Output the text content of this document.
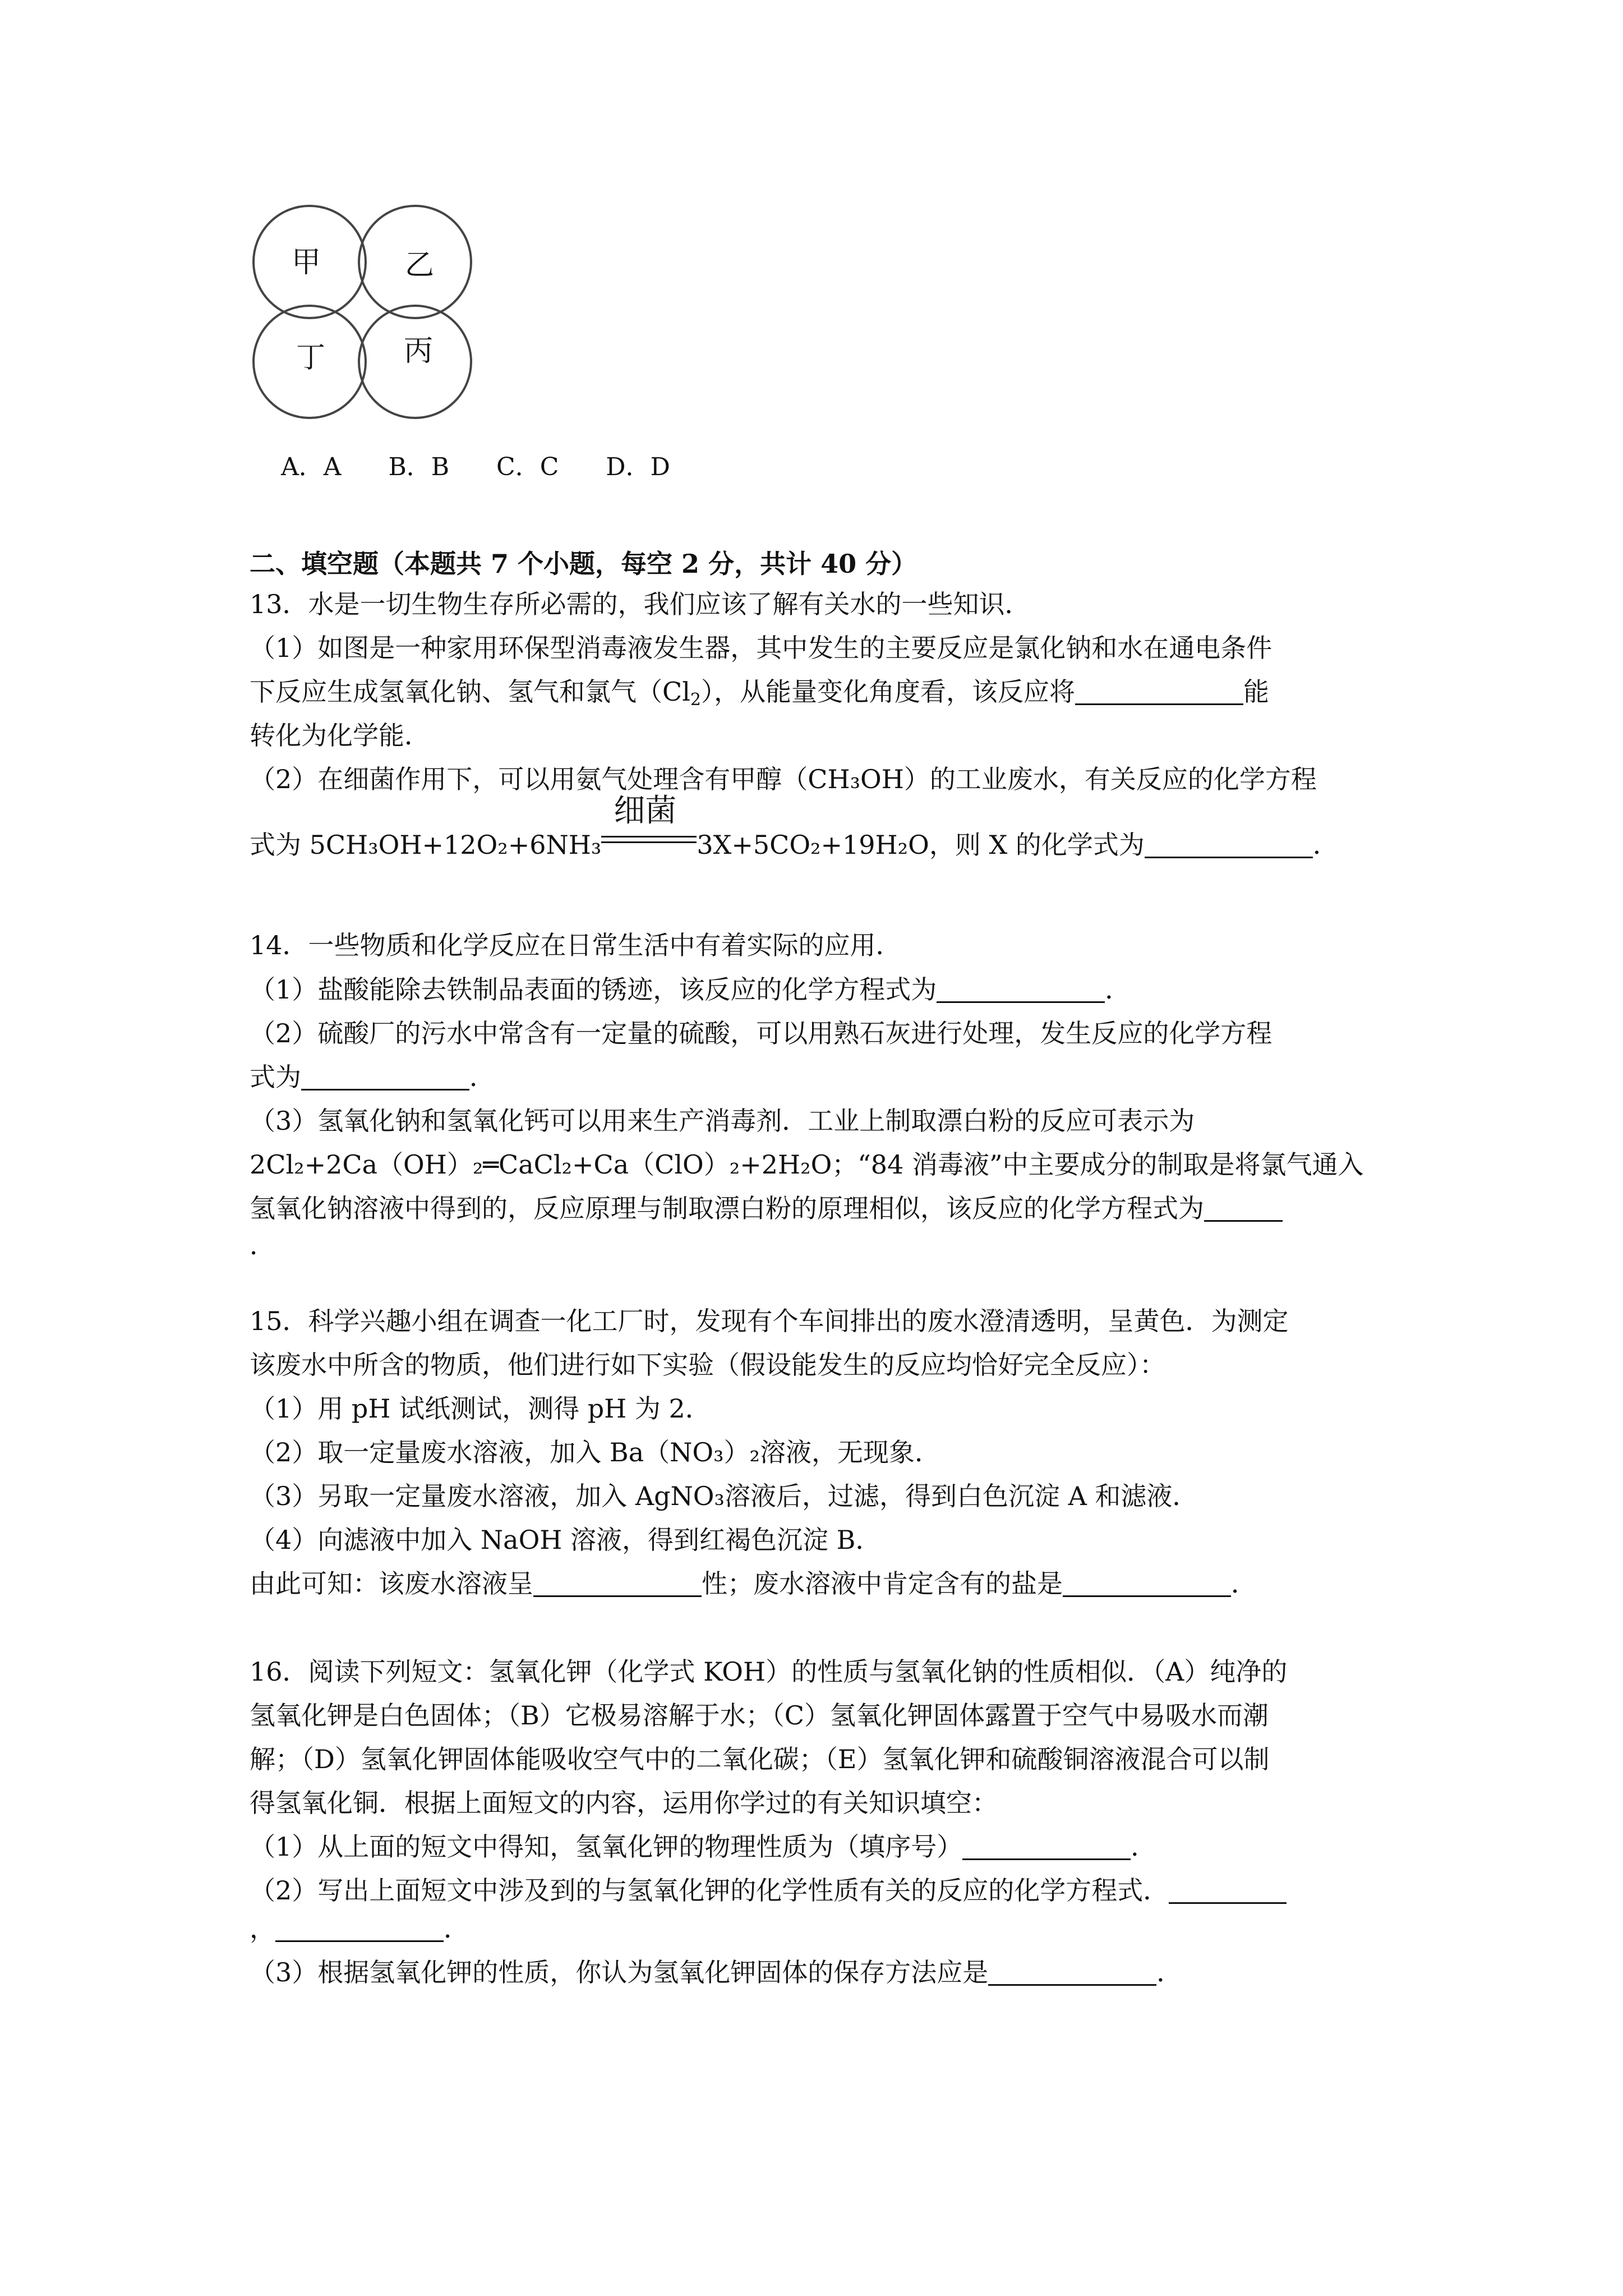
甲	乙
丁	丙

A．A B．B C．C D．D

二、填空题（本题共 7 个小题，每空 2 分，共计 40 分）
13．水是一切生物生存所必需的，我们应该了解有关水的一些知识．
（1）如图是一种家用环保型消毒液发生器，其中发生的主要反应是氯化钠和水在通电条件
下反应生成氢氧化钠、氢气和氯气$(Cl_2)$，从能量变化角度看，该反应将	能
转化为化学能．
（2）在细菌作用下，可以用氨气处理含有甲醇（CH₃OH）的工业废水，有关反应的化学方程
式为 5CH₃OH+12O₂+6NH₃
细菌
3X+5CO₂+19H₂O，则 X 的化学式为	．
14．一些物质和化学反应在日常生活中有着实际的应用．
（1）盐酸能除去铁制品表面的锈迹，该反应的化学方程式为	．
（2）硫酸厂的污水中常含有一定量的硫酸，可以用熟石灰进行处理，发生反应的化学方程
式为	．
（3）氢氧化钠和氢氧化钙可以用来生产消毒剂．工业上制取漂白粉的反应可表示为
2Cl₂+2Ca（OH）₂═CaCl₂+Ca（ClO）₂+2H₂O；“84 消毒液”中主要成分的制取是将氯气通入
氢氧化钠溶液中得到的，反应原理与制取漂白粉的原理相似，该反应的化学方程式为
．
15．科学兴趣小组在调查一化工厂时，发现有个车间排出的废水澄清透明，呈黄色．为测定
该废水中所含的物质，他们进行如下实验（假设能发生的反应均恰好完全反应）：
（1）用 pH 试纸测试，测得 pH 为 2．
（2）取一定量废水溶液，加入 Ba（NO₃）₂溶液，无现象．
（3）另取一定量废水溶液，加入 AgNO₃溶液后，过滤，得到白色沉淀 A 和滤液．
（4）向滤液中加入 NaOH 溶液，得到红褐色沉淀 B．
由此可知：该废水溶液呈	性；废水溶液中肯定含有的盐是	．
16．阅读下列短文：氢氧化钾（化学式 KOH）的性质与氢氧化钠的性质相似．（A）纯净的
氢氧化钾是白色固体；（B）它极易溶解于水；（C）氢氧化钾固体露置于空气中易吸水而潮
解；（D）氢氧化钾固体能吸收空气中的二氧化碳；（E）氢氧化钾和硫酸铜溶液混合可以制
得氢氧化铜．根据上面短文的内容，运用你学过的有关知识填空：
（1）从上面的短文中得知，氢氧化钾的物理性质为（填序号）	．
（2）写出上面短文中涉及到的与氢氧化钾的化学性质有关的反应的化学方程式．
，	．
（3）根据氢氧化钾的性质，你认为氢氧化钾固体的保存方法应是	．
